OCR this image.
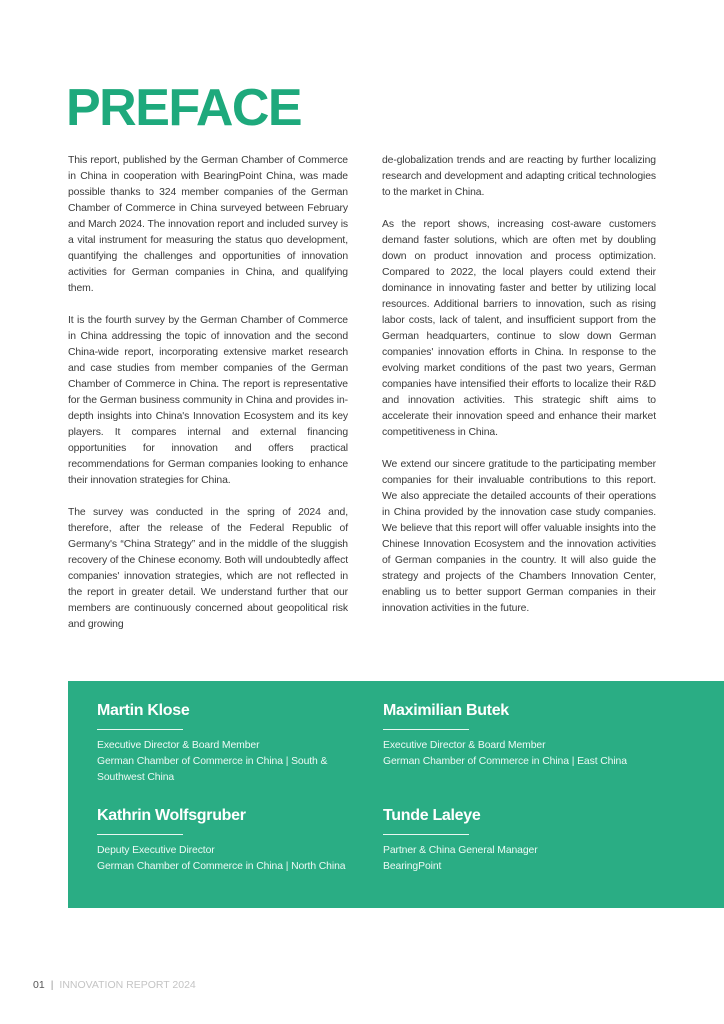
PREFACE

This report, published by the German Chamber of Commerce in China in cooperation with BearingPoint China, was made possible thanks to 324 member companies of the German Chamber of Commerce in China surveyed between February and March 2024. The innovation report and included survey is a vital instrument for measuring the status quo development, quantifying the challenges and opportunities of innovation activities for German companies in China, and qualifying them.

It is the fourth survey by the German Chamber of Commerce in China addressing the topic of innovation and the second China-wide report, incorporating extensive market research and case studies from member companies of the German Chamber of Commerce in China. The report is representative for the German business community in China and provides in-depth insights into China's Innovation Ecosystem and its key players. It compares internal and external financing opportunities for innovation and offers practical recommendations for German companies looking to enhance their innovation strategies for China.

The survey was conducted in the spring of 2024 and, therefore, after the release of the Federal Republic of Germany's “China Strategy” and in the middle of the sluggish recovery of the Chinese economy. Both will undoubtedly affect companies' innovation strategies, which are not reflected in the report in greater detail. We understand further that our members are continuously concerned about geopolitical risk and growing

de-globalization trends and are reacting by further localizing research and development and adapting critical technologies to the market in China.

As the report shows, increasing cost-aware customers demand faster solutions, which are often met by doubling down on product innovation and process optimization. Compared to 2022, the local players could extend their dominance in innovating faster and better by utilizing local resources. Additional barriers to innovation, such as rising labor costs, lack of talent, and insufficient support from the German headquarters, continue to slow down German companies' innovation efforts in China. In response to the evolving market conditions of the past two years, German companies have intensified their efforts to localize their R&D and innovation activities. This strategic shift aims to accelerate their innovation speed and enhance their market competitiveness in China.

We extend our sincere gratitude to the participating member companies for their invaluable contributions to this report. We also appreciate the detailed accounts of their operations in China provided by the innovation case study companies. We believe that this report will offer valuable insights into the Chinese Innovation Ecosystem and the innovation activities of German companies in the country. It will also guide the strategy and projects of the Chambers Innovation Center, enabling us to better support German companies in their innovation activities in the future.

Martin Klose
Executive Director & Board Member
German Chamber of Commerce in China | South & Southwest China
Maximilian Butek
Executive Director & Board Member
German Chamber of Commerce in China | East China
Kathrin Wolfsgruber
Deputy Executive Director
German Chamber of Commerce in China | North China
Tunde Laleye
Partner & China General Manager
BearingPoint
01 | INNOVATION REPORT 2024
